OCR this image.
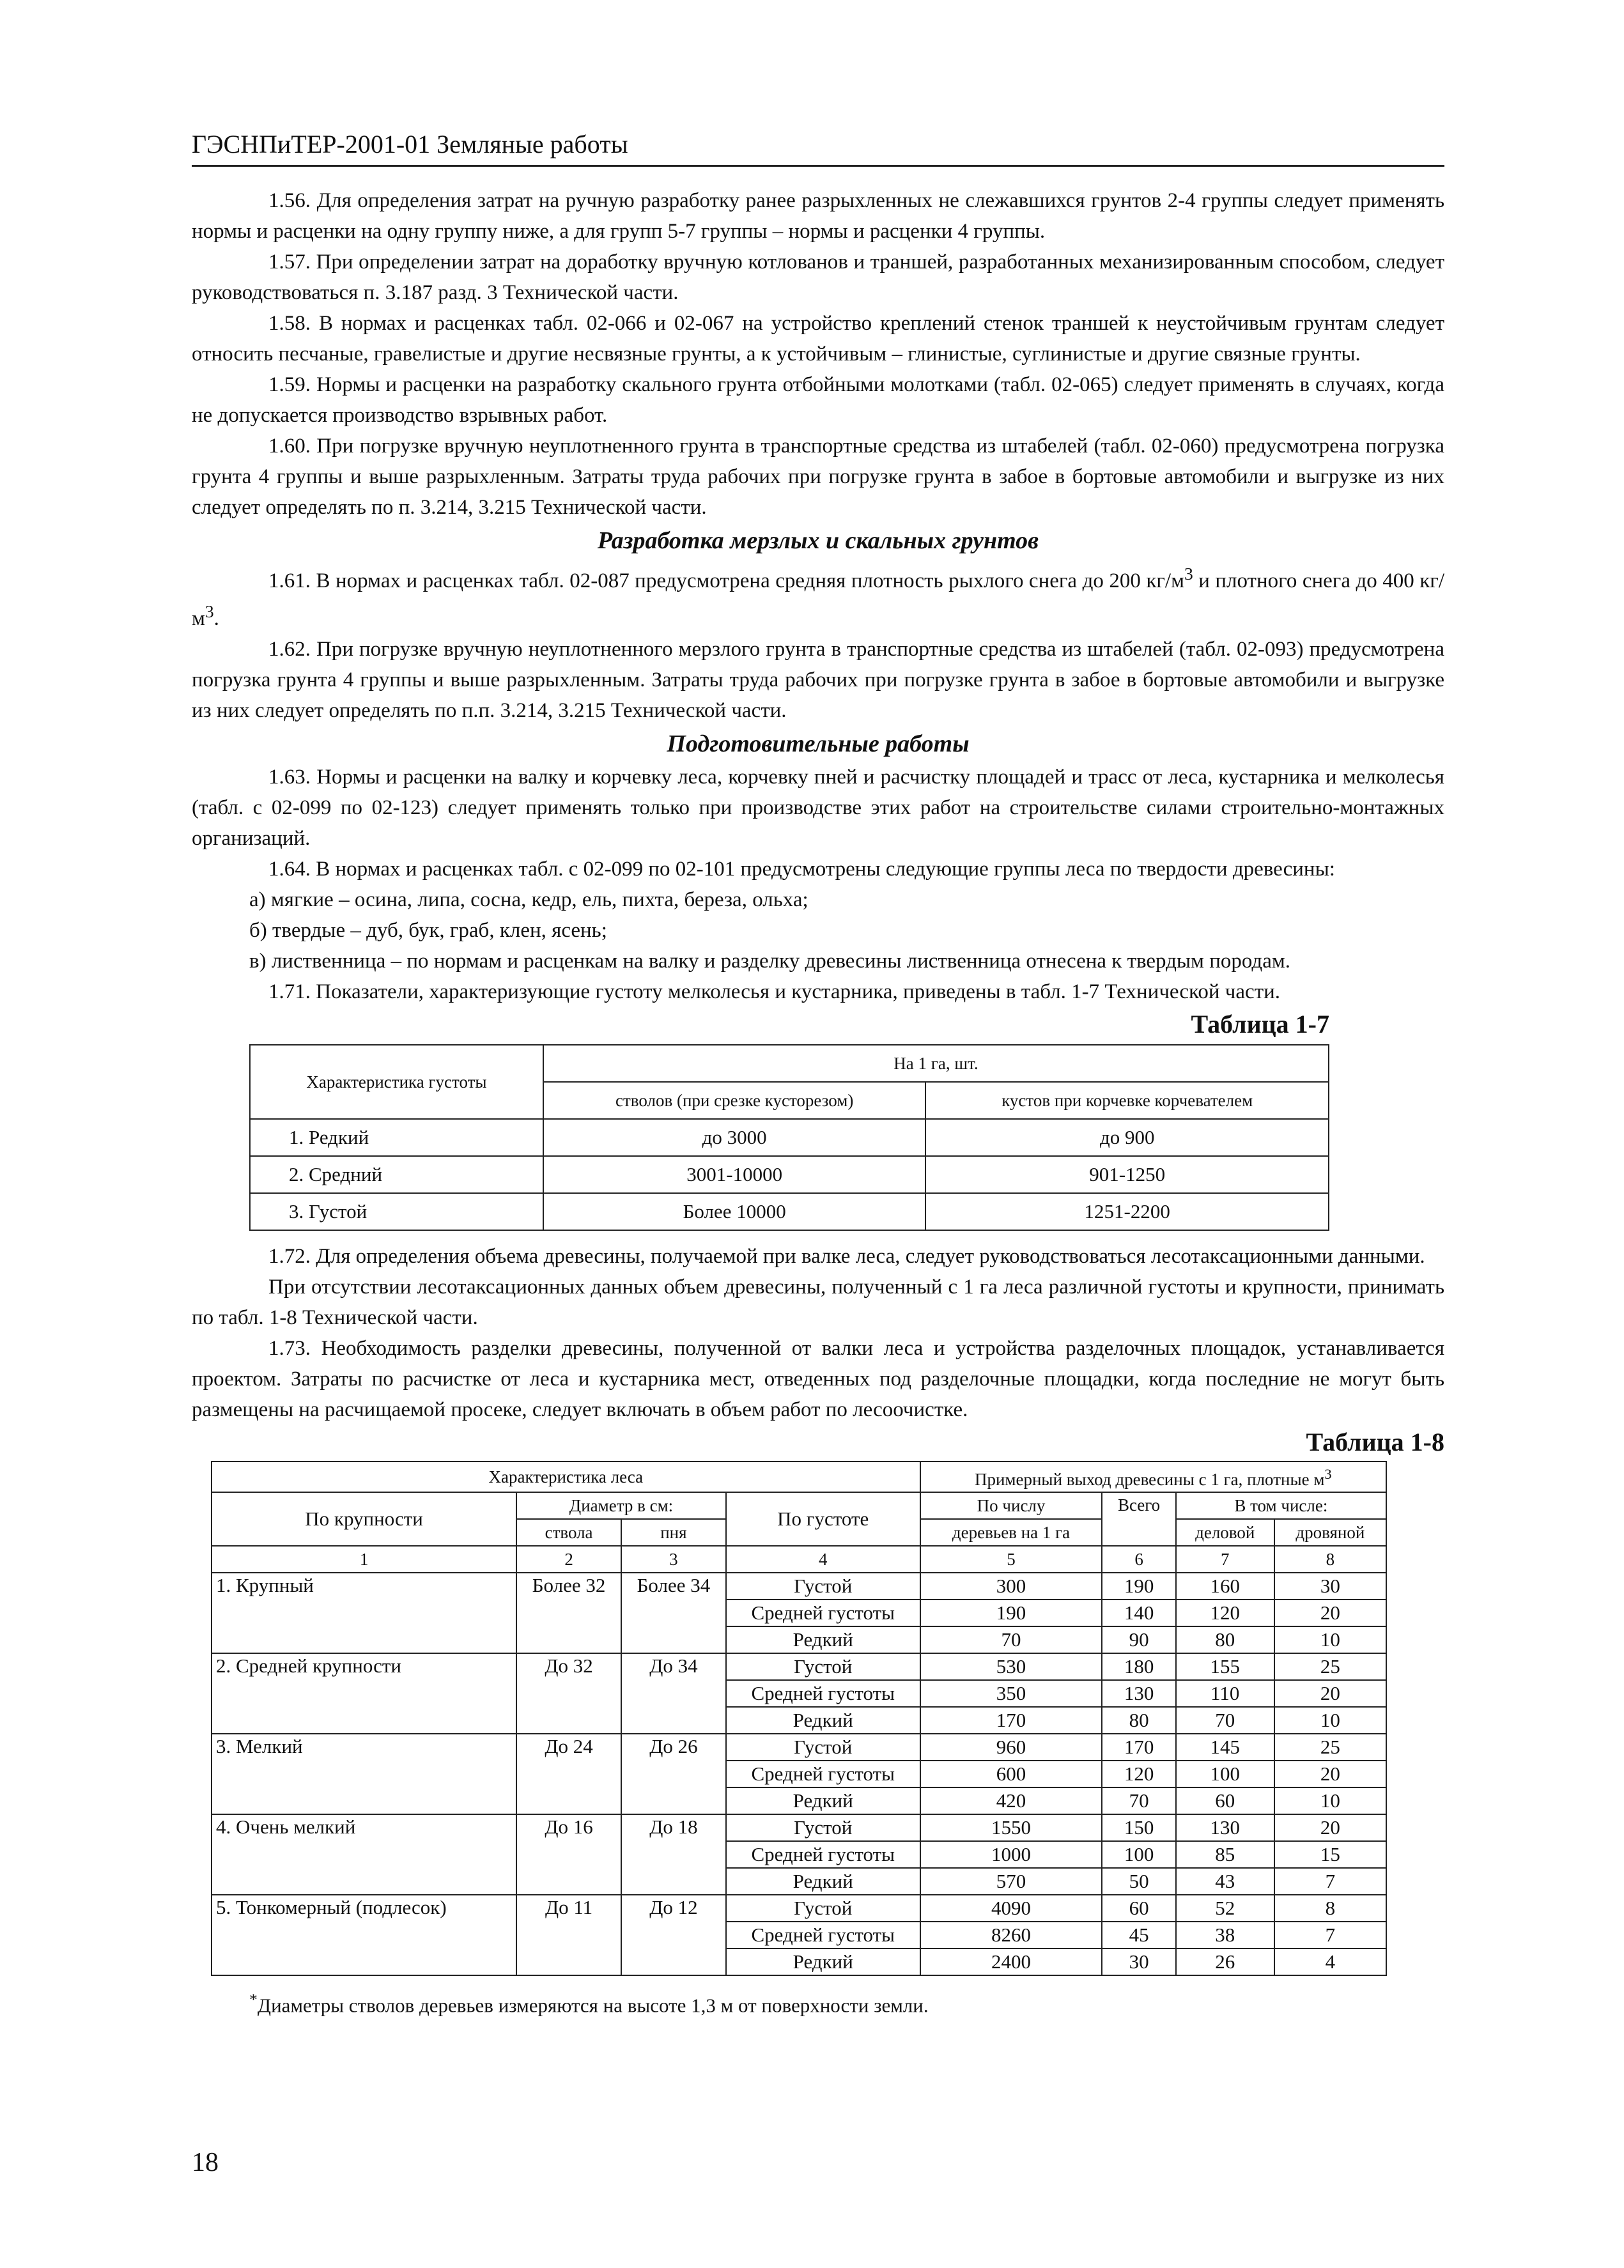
ГЭСНПиТЕР-2001-01 Земляные работы

1.56. Для определения затрат на ручную разработку ранее разрыхленных не слежавшихся грунтов 2-4 группы следует применять нормы и расценки на одну группу ниже, а для групп 5-7 группы – нормы и расценки 4 группы.

1.57. При определении затрат на доработку вручную котлованов и траншей, разработанных механизированным способом, следует руководствоваться п. 3.187 разд. 3 Технической части.

1.58. В нормах и расценках табл. 02-066 и 02-067 на устройство креплений стенок траншей к неустойчивым грунтам следует относить песчаные, гравелистые и другие несвязные грунты, а к устойчивым – глинистые, суглинистые и другие связные грунты.

1.59. Нормы и расценки на разработку скального грунта отбойными молотками (табл. 02-065) следует применять в случаях, когда не допускается производство взрывных работ.

1.60. При погрузке вручную неуплотненного грунта в транспортные средства из штабелей (табл. 02-060) предусмотрена погрузка грунта 4 группы и выше разрыхленным. Затраты труда рабочих при погрузке грунта в забое в бортовые автомобили и выгрузке из них следует определять по п. 3.214, 3.215 Технической части.

Разработка мерзлых и скальных грунтов

1.61. В нормах и расценках табл. 02-087 предусмотрена средняя плотность рыхлого снега до 200 $кг/м^3$ и плотного снега до 400 $кг/м^3$.

1.62. При погрузке вручную неуплотненного мерзлого грунта в транспортные средства из штабелей (табл. 02-093) предусмотрена погрузка грунта 4 группы и выше разрыхленным. Затраты труда рабочих при погрузке грунта в забое в бортовые автомобили и выгрузке из них следует определять по п.п. 3.214, 3.215 Технической части.

Подготовительные работы

1.63. Нормы и расценки на валку и корчевку леса, корчевку пней и расчистку площадей и трасс от леса, кустарника и мелколесья (табл. с 02-099 по 02-123) следует применять только при производстве этих работ на строительстве силами строительно-монтажных организаций.

1.64. В нормах и расценках табл. с 02-099 по 02-101 предусмотрены следующие группы леса по твердости древесины:

а) мягкие – осина, липа, сосна, кедр, ель, пихта, береза, ольха;

б) твердые – дуб, бук, граб, клен, ясень;

в) лиственница – по нормам и расценкам на валку и разделку древесины лиственница отнесена к твердым породам.

1.71. Показатели, характеризующие густоту мелколесья и кустарника, приведены в табл. 1-7 Технической части.

Таблица 1-7
Характеристика густоты	На 1 га, шт.	
	стволов (при срезке кусторезом)	кустов при корчевке корчевателем
1. Редкий	до 3000	до 900
2. Средний	3001-10000	901-1250
3. Густой	Более 10000	1251-2200

1.72. Для определения объема древесины, получаемой при валке леса, следует руководствоваться лесотаксационными данными.

При отсутствии лесотаксационных данных объем древесины, полученный с 1 га леса различной густоты и крупности, принимать по табл. 1-8 Технической части.

1.73. Необходимость разделки древесины, полученной от валки леса и устройства разделочных площадок, устанавливается проектом. Затраты по расчистке от леса и кустарника мест, отведенных под разделочные площадки, когда последние не могут быть размещены на расчищаемой просеке, следует включать в объем работ по лесоочистке.

Таблица 1-8
Характеристика леса				Примерный выход древесины с 1 га, плотные $м^3$
По крупности	Диаметр в см:		По густоте	По числу	Всего	В том числе:	
	ствола	пня		деревьев на 1 га		деловой	дровяной
1	2	3	4	5	6	7	8
1. Крупный	Более 32	Более 34	Густой	300	190	160	30
			Средней густоты	190	140	120	20
			Редкий	70	90	80	10
2. Средней крупности	До 32	До 34	Густой	530	180	155	25
			Средней густоты	350	130	110	20
			Редкий	170	80	70	10
3. Мелкий	До 24	До 26	Густой	960	170	145	25
			Средней густоты	600	120	100	20
			Редкий	420	70	60	10
4. Очень мелкий	До 16	До 18	Густой	1550	150	130	20
			Средней густоты	1000	100	85	15
			Редкий	570	50	43	7
5. Тонкомерный (подлесок)	До 11	До 12	Густой	4090	60	52	8
			Средней густоты	8260	45	38	7
			Редкий	2400	30	26	4
*Диаметры стволов деревьев измеряются на высоте 1,3 м от поверхности земли.
18
